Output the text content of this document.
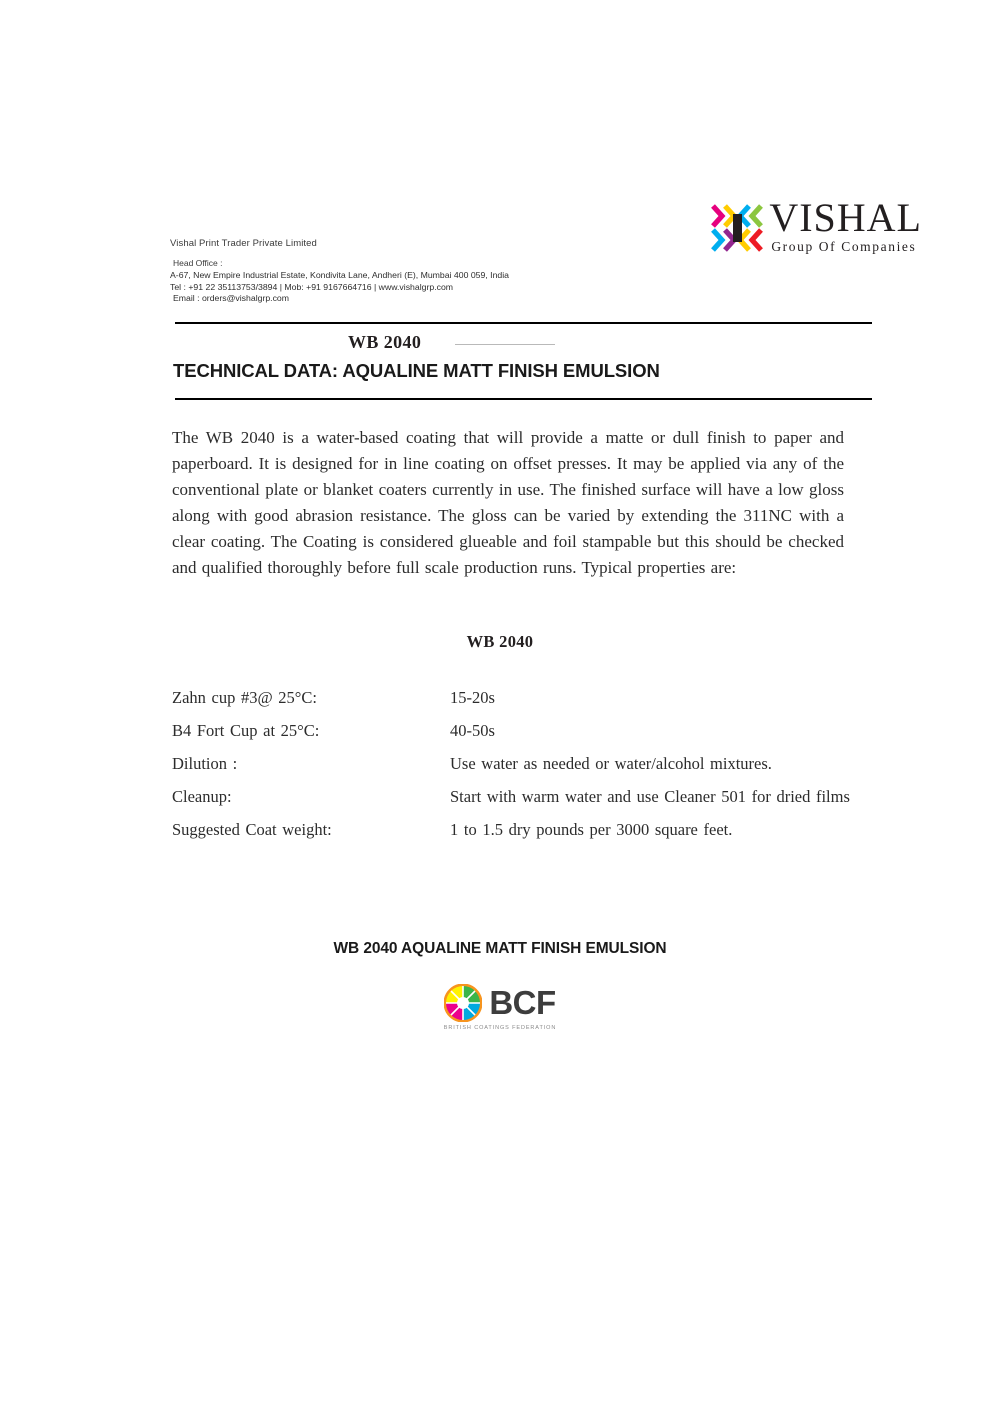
Vishal Print Trader Private Limited
Head Office :
A-67, New Empire Industrial Estate, Kondivita Lane, Andheri (E), Mumbai 400 059, India
Tel : +91 22 35113753/3894 | Mob: +91 9167664716 | www.vishalgrp.com
Email : orders@vishalgrp.com
VISHAL
Group Of Companies
WB 2040
TECHNICAL DATA: AQUALINE MATT FINISH EMULSION
The WB 2040 is a water-based coating that will provide a matte or dull finish to paper and paperboard. It is designed for in line coating on offset presses. It may be applied via any of the conventional plate or blanket coaters currently in use. The finished surface will have a low gloss along with good abrasion resistance. The gloss can be varied by extending the 311NC with a clear coating. The Coating is considered glueable and foil stampable but this should be checked and qualified thoroughly before full scale production runs. Typical properties are:
WB 2040
Zahn cup #3@ 25°C:	15-20s
B4 Fort Cup at 25°C:	40-50s
Dilution :	Use water as needed or water/alcohol mixtures.
Cleanup:	Start with warm water and use Cleaner 501 for dried films
Suggested Coat weight:	1 to 1.5 dry pounds per 3000 square feet.
WB 2040 AQUALINE MATT FINISH EMULSION
BCF
BRITISH COATINGS FEDERATION
